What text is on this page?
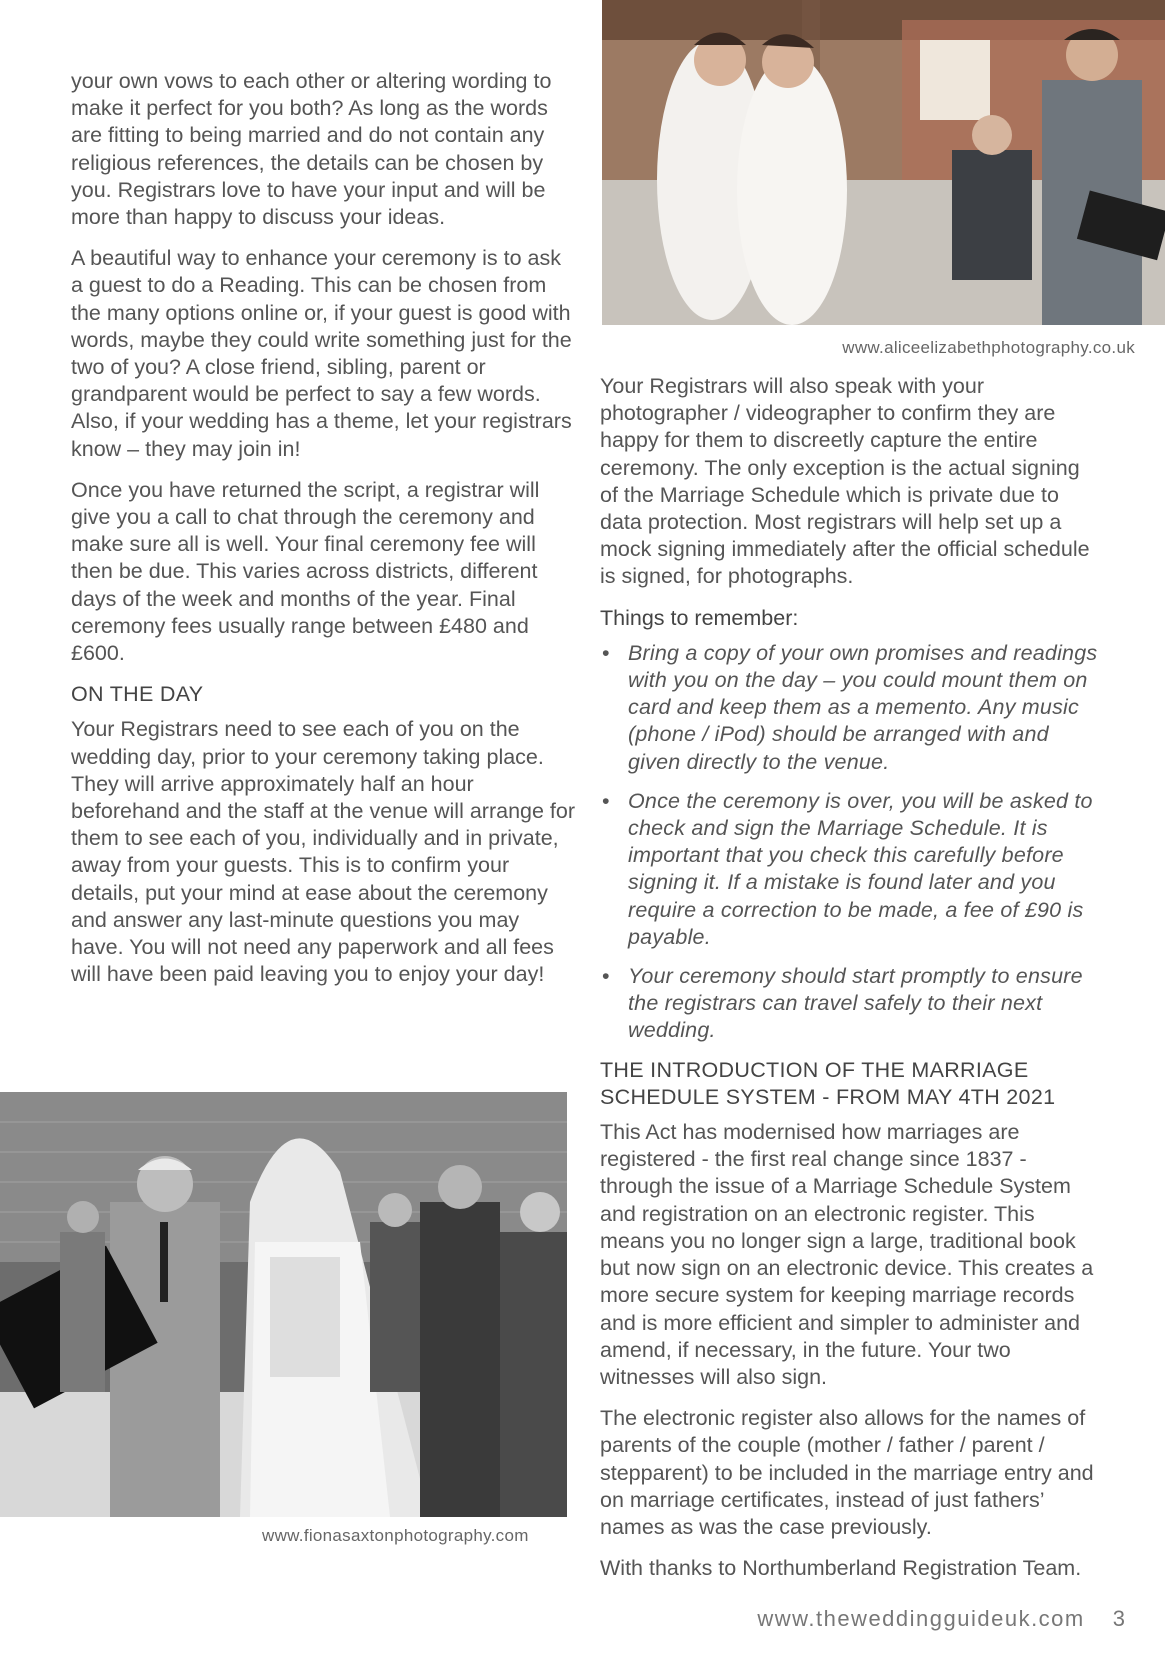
www.aliceelizabethphotography.co.uk

your own vows to each other or altering wording to make it perfect for you both? As long as the words are fitting to being married and do not contain any religious references, the details can be chosen by you. Registrars love to have your input and will be more than happy to discuss your ideas.

A beautiful way to enhance your ceremony is to ask a guest to do a Reading. This can be chosen from the many options online or, if your guest is good with words, maybe they could write something just for the two of you? A close friend, sibling, parent or grandparent would be perfect to say a few words. Also, if your wedding has a theme, let your registrars know – they may join in!

Once you have returned the script, a registrar will give you a call to chat through the ceremony and make sure all is well. Your final ceremony fee will then be due. This varies across districts, different days of the week and months of the year. Final ceremony fees usually range between £480 and £600.

ON THE DAY

Your Registrars need to see each of you on the wedding day, prior to your ceremony taking place. They will arrive approximately half an hour beforehand and the staff at the venue will arrange for them to see each of you, individually and in private, away from your guests. This is to confirm your details, put your mind at ease about the ceremony and answer any last-minute questions you may have. You will not need any paperwork and all fees will have been paid leaving you to enjoy your day!

www.fionasaxtonphotography.com

Your Registrars will also speak with your photographer / videographer to confirm they are happy for them to discreetly capture the entire ceremony. The only exception is the actual signing of the Marriage Schedule which is private due to data protection. Most registrars will help set up a mock signing immediately after the official schedule is signed, for photographs.

Things to remember:
• Bring a copy of your own promises and readings with you on the day – you could mount them on card and keep them as a memento. Any music (phone / iPod) should be arranged with and given directly to the venue.
• Once the ceremony is over, you will be asked to check and sign the Marriage Schedule. It is important that you check this carefully before signing it. If a mistake is found later and you require a correction to be made, a fee of £90 is payable.
• Your ceremony should start promptly to ensure the registrars can travel safely to their next wedding.
THE INTRODUCTION OF THE MARRIAGE SCHEDULE SYSTEM - FROM MAY 4TH 2021

This Act has modernised how marriages are registered - the first real change since 1837 - through the issue of a Marriage Schedule System and registration on an electronic register. This means you no longer sign a large, traditional book but now sign on an electronic device. This creates a more secure system for keeping marriage records and is more efficient and simpler to administer and amend, if necessary, in the future. Your two witnesses will also sign.

The electronic register also allows for the names of parents of the couple (mother / father / parent / stepparent) to be included in the marriage entry and on marriage certificates, instead of just fathers’ names as was the case previously.

With thanks to Northumberland Registration Team.

www.theweddingguideuk.com 3
